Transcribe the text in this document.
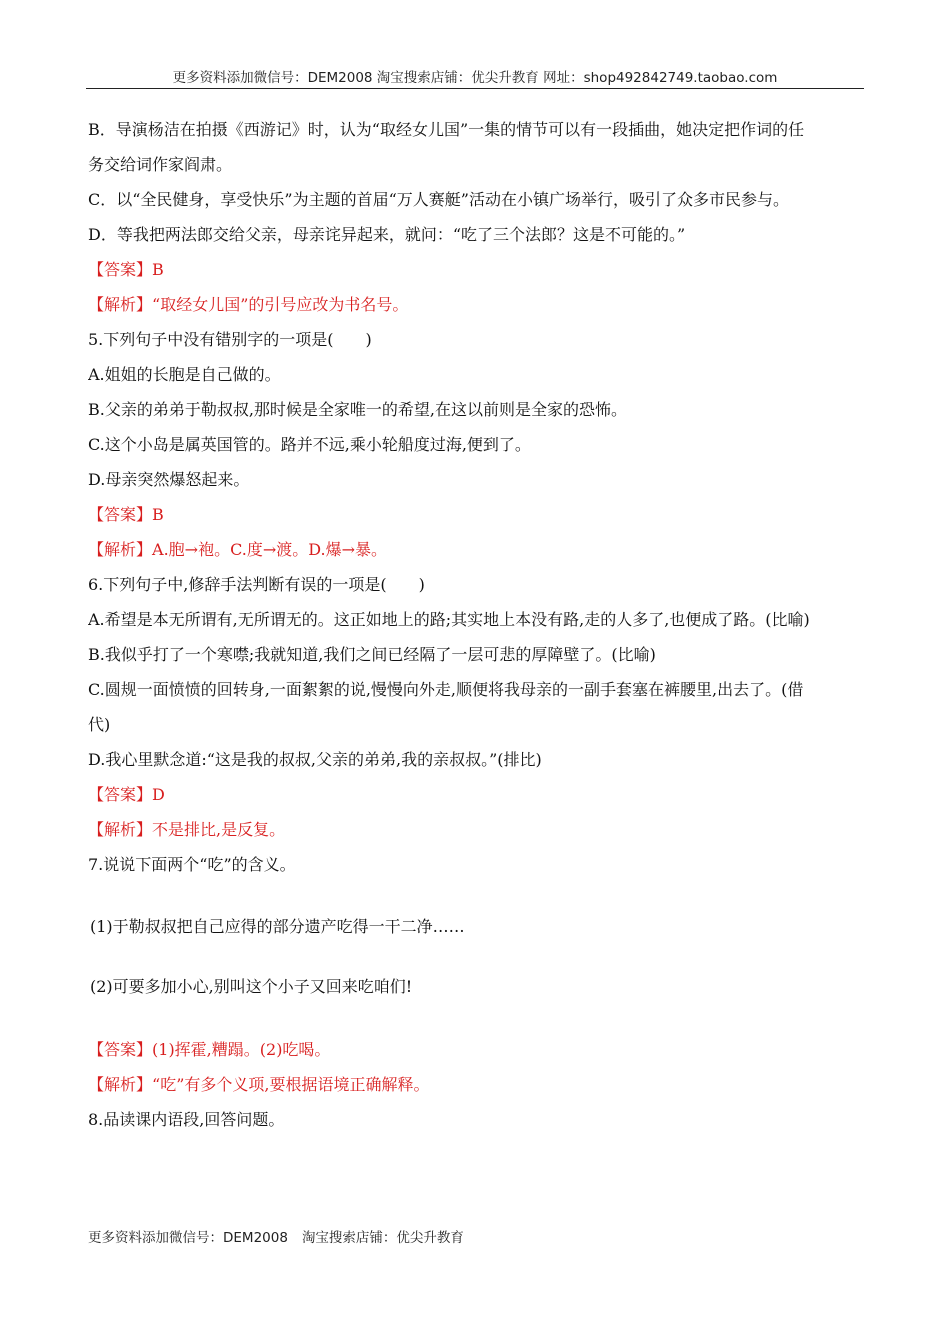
更多资料添加微信号：DEM2008 淘宝搜索店铺：优尖升教育 网址：shop492842749.taobao.com
B．导演杨洁在拍摄《西游记》时，认为“取经女儿国”一集的情节可以有一段插曲，她决定把作词的任
务交给词作家阎肃。
C．以“全民健身，享受快乐”为主题的首届“万人赛艇”活动在小镇广场举行，吸引了众多市民参与。
D．等我把两法郎交给父亲，母亲诧异起来，就问：“吃了三个法郎？这是不可能的。”
【答案】B
【解析】“取经女儿国”的引号应改为书名号。
5.下列句子中没有错别字的一项是(　　)
A.姐姐的长胞是自己做的。
B.父亲的弟弟于勒叔叔,那时候是全家唯一的希望,在这以前则是全家的恐怖。
C.这个小岛是属英国管的。路并不远,乘小轮船度过海,便到了。
D.母亲突然爆怒起来。
【答案】B
【解析】A.胞→袍。C.度→渡。D.爆→暴。
6.下列句子中,修辞手法判断有误的一项是(　　)
A.希望是本无所谓有,无所谓无的。这正如地上的路;其实地上本没有路,走的人多了,也便成了路。(比喻)
B.我似乎打了一个寒噤;我就知道,我们之间已经隔了一层可悲的厚障壁了。(比喻)
C.圆规一面愤愤的回转身,一面絮絮的说,慢慢向外走,顺便将我母亲的一副手套塞在裤腰里,出去了。(借
代)
D.我心里默念道:“这是我的叔叔,父亲的弟弟,我的亲叔叔。”(排比)
【答案】D
【解析】不是排比,是反复。
7.说说下面两个“吃”的含义。
(1)于勒叔叔把自己应得的部分遗产吃得一干二净……
(2)可要多加小心,别叫这个小子又回来吃咱们!
【答案】(1)挥霍,糟蹋。(2)吃喝。
【解析】“吃”有多个义项,要根据语境正确解释。
8.品读课内语段,回答问题。
更多资料添加微信号：DEM2008 淘宝搜索店铺：优尖升教育
